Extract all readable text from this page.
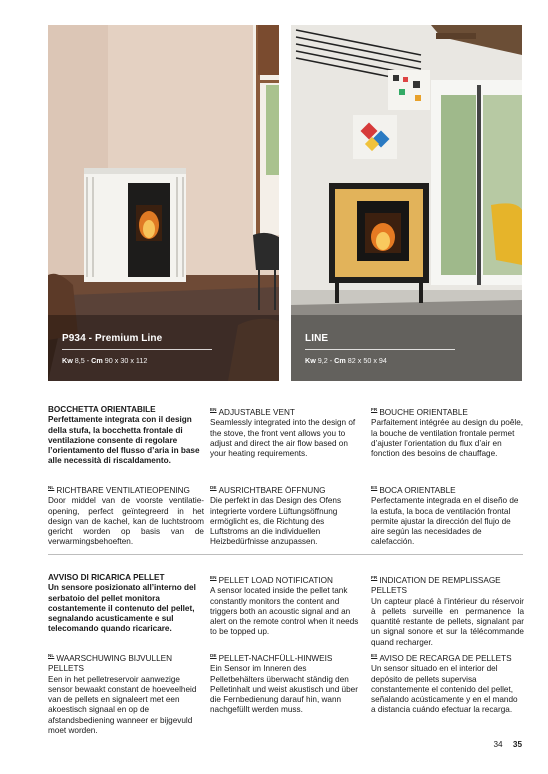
P934 - Premium Line
Kw 8,5 - Cm 90 x 30 x 112
LINE
Kw 9,2 - Cm 82 x 50 x 94
BOCCHETTA ORIENTABILE
Perfettamente integrata con il design della stufa, la bocchetta frontale di ventilazione consente di regolare l’orientamento del flusso d’aria in base alle necessità di riscaldamento.
$^{EN}$ ADJUSTABLE VENT
Seamlessly integrated into the design of the stove, the front vent allows you to adjust and direct the air flow based on your heating requirements.
$^{FR}$ BOUCHE ORIENTABLE
Parfaitement intégrée au design du poêle, la bouche de ventilation frontale permet d’ajuster l’orientation du flux d’air en fonction des besoins de chauffage.
$^{NL}$ RICHTBARE VENTILATIEOPENING
Door middel van de voorste ventilatie-opening, perfect geïntegreerd in het design van de kachel, kan de luchtstroom gericht worden op basis van de verwarmingsbehoeften.
$^{DE}$ AUSRICHTBARE ÖFFNUNG
Die perfekt in das Design des Ofens integrierte vordere Lüftungsöffnung ermöglicht es, die Richtung des Luftstroms an die individuellen Heizbedürfnisse anzupassen.
$^{ES}$ BOCA ORIENTABLE
Perfectamente integrada en el diseño de la estufa, la boca de ventilación frontal permite ajustar la dirección del flujo de aire según las necesidades de calefacción.
AVVISO DI RICARICA PELLET
Un sensore posizionato all’interno del serbatoio del pellet monitora costantemente il contenuto del pellet, segnalando acusticamente e sul telecomando quando ricaricare.
$^{EN}$ PELLET LOAD NOTIFICATION
A sensor located inside the pellet tank constantly monitors the content and triggers both an acoustic signal and an alert on the remote control when it needs to be topped up.
$^{FR}$ INDICATION DE REMPLISSAGE PELLETS
Un capteur placé à l’intérieur du réservoir à pellets surveille en permanence la quantité restante de pellets, signalant par un signal sonore et sur la télécommande quand recharger.
$^{NL}$ WAARSCHUWING BIJVULLEN PELLETS
Een in het pelletreservoir aanwezige sensor bewaakt constant de hoeveelheid van de pellets en signaleert met een akoestisch signaal en op de afstandsbediening wanneer er bijgevuld moet worden.
$^{DE}$ PELLET-NACHFÜLL-HINWEIS
Ein Sensor im Inneren des Pelletbehälters überwacht ständig den Pelletinhalt und weist akustisch und über die Fernbedienung darauf hin, wann nachgefüllt werden muss.
$^{ES}$ AVISO DE RECARGA DE PELLETS
Un sensor situado en el interior del depósito de pellets supervisa constantemente el contenido del pellet, señalando acústicamente y en el mando a distancia cuándo efectuar la recarga.
34 35
